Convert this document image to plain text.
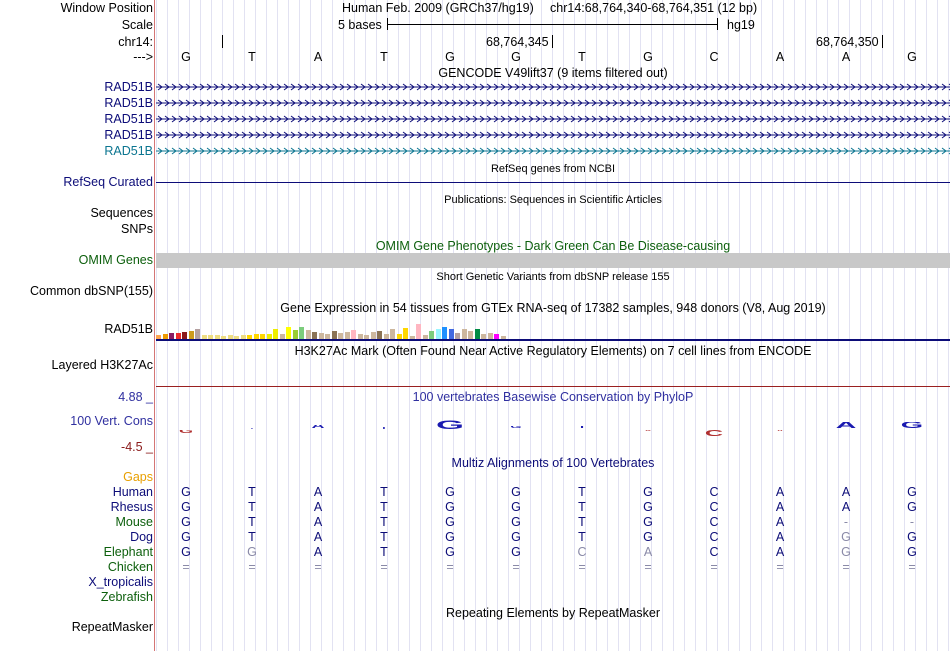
Window Position
Scale
chr14:
--->
Human Feb. 2009 (GRCh37/hg19) chr14:68,764,340-68,764,351 (12 bp)
5 bases	hg19
68,764,345	68,764,350
GENCODE V49lift37 (9 items filtered out)
RAD51B
RAD51B
RAD51B
RAD51B
RAD51B
RefSeq genes from NCBI
RefSeq Curated
Publications: Sequences in Scientific Articles
Sequences
SNPs
OMIM Gene Phenotypes - Dark Green Can Be Disease-causing
OMIM Genes
Short Genetic Variants from dbSNP release 155
Common dbSNP(155)
Gene Expression in 54 tissues from GTEx RNA-seq of 17382 samples, 948 donors (V8, Aug 2019)
RAD51B
H3K27Ac Mark (Often Found Near Active Regulatory Elements) on 7 cell lines from ENCODE
Layered H3K27Ac
100 vertebrates Basewise Conservation by PhyloP
4.88 _
100 Vert. Cons
-4.5 _
G
T	A	T	G	G	T
G	C	A	A	G
Multiz Alignments of 100 Vertebrates
Gaps
Human	G	T	A	T	G	G	T	G	C	A	A	G
Rhesus	G	T	A	T	G	G	T	G	C	A	A	G
Mouse	G	T	A	T	G	G	T	G	C	A	-	-
Dog	G	T	A	T	G	G	T	G	C	A	G	G
Elephant	G	G	A	T	G	G	C	A	C	A	G	G
Chicken	=	=	=	=	=	=	=	=	=	=	=	=
X_tropicalis
Zebrafish
Repeating Elements by RepeatMasker
RepeatMasker
G	T	A	T	G	G	T	G	C	A	A	G
